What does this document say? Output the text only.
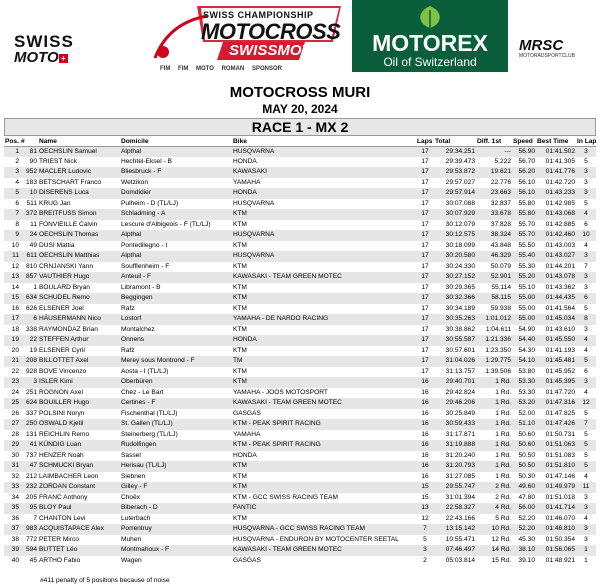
SWISS
MOTO +
SWISS CHAMPIONSHIP
MOTOCROSS
SWISSMOTO
FIM FIM MOTO ROMAN SPONSOR
MOTOREX
Oil of Switzerland
MRSC
MOTORADSPORTCLUB
MOTOCROSS MURI
MAY 20, 2024
RACE 1 - MX 2
Pos.	#	Name	Domicile	Bike	Laps	Total	Diff. 1st	Speed	Best Time	In Lap
1	81	OECHSLIN Samuel	Alpthal	HUSQVARNA	17	29:34.251	---	56.90	01:41.502	3
2	90	TRIEST Nick	Hechtel-Eksel - B	HONDA	17	29:39.473	5.222	56.70	01:41.305	5
3	952	MACLER Ludovic	Bliesbruck - F	KAWASAKI	17	29:53.872	19.621	56.20	01:41.776	3
4	183	BETSCHART Franco	Wetzikon	YAMAHA	17	29:57.027	22.776	56.10	01:42.720	3
5	10	DISERENS Luca	Domdidier	HONDA	17	29:57.914	23.663	56.10	01:43.233	3
6	511	KRUG Jan	Pulheim - D (TL/LJ)	HUSQVARNA	17	30:07.088	32.837	55.80	01:42.985	5
7	372	BREITFUSS Simon	Schladming - A	KTM	17	30:07.929	33.678	55.80	01:43.068	4
8	11	FONVIEILLE Calvin	Lescure d'Albigeois - F (TL/LJ)	KTM	17	30:12.079	37.828	55.70	01:42.885	6
9	24	OECHSLIN Thomas	Alpthal	HUSQVARNA	17	30:12.575	38.324	55.70	01:42.460	10
10	49	DUSI Mattia	Pontedilegno - I	KTM	17	30:18.099	43.848	55.50	01:43.003	4
11	611	OECHSLIN Matthias	Alpthal	HUSQVARNA	17	30:20.580	46.329	55.40	01:43.027	3
12	810	CRNJANSKI Yann	Soufflenheim - F	KTM	17	30:24.330	50.079	55.30	01:44.201	7
13	857	VAUTHIER Hugo	Anteuil - F	KAWASAKI - TEAM GREEN MOTEC	17	30:27.152	52.901	55.20	01:43.078	3
14	1	BOULARD Bryan	Libramont - B	KTM	17	30:29.365	55.114	55.10	01:43.362	3
15	634	SCHUDEL Remo	Beggingen	KTM	17	30:32.366	58.115	55.00	01:44.435	6
16	626	ELSENER Joel	Rafz	KTM	17	30:34.189	59.938	55.00	01:41.564	5
17	6	HÄUSERMANN Nico	Lostorf	YAMAHA - DE NARDO RACING	17	30:35.263	1:01.012	55.00	01:45.034	8
18	338	RAYMONDAZ Brian	Montalchez	KTM	17	30:38.862	1:04.611	54.90	01:43.610	3
19	22	STEFFEN Arthur	Onnens	HONDA	17	30:55.587	1:21.336	54.40	01:45.550	4
20	19	ELSENER Cyril	Rafz	KTM	17	30:57.601	1:23.350	54.30	01:41.193	4
21	208	BILLOTTET Axel	Merey sous Montrond - F	TM	17	31:04.026	1:29.775	54.10	01:45.481	5
22	928	BOVE Vincenzo	Aosta - I (TL/LJ)	KTM	17	31:13.757	1:39.506	53.80	01:45.952	6
23	3	ISLER Kimi	Oberbüren	KTM	16	29:40.701	1 Rd.	53.30	01:45.395	3
24	251	ROGNON Axel	Chez - Le Bart	YAMAHA - JOOS MOTOSPORT	16	29:42.824	1 Rd.	53.30	01:47.720	4
25	624	BOUILLER Hugo	Certines - F	KAWASAKI - TEAM GREEN MOTEC	16	29:46.206	1 Rd.	53.20	01:47.316	12
26	337	POLSINI Noryn	Fischenthal (TL/LJ)	GASGAS	16	30:25.849	1 Rd.	52.00	01:47.825	5
27	250	OSWALD Kjetil	St. Gallen (TL/LJ)	KTM - PEAK SPIRIT RACING	16	30:59.433	1 Rd.	51.10	01:47.426	7
28	131	REICHLIN Remo	Steinerberg (TL/LJ)	YAMAHA	16	31:17.871	1 Rd.	50.60	01:50.731	5
29	41	KÜNDIG Luan	Rudolfingen	KTM - PEAK SPIRIT RACING	16	31:19.888	1 Rd.	50.60	01:51.063	5
30	737	HENZER Noah	Sassel	HONDA	16	31:20.240	1 Rd.	50.50	01:51.083	5
31	47	SCHMUCKI Bryan	Herisau (TL/LJ)	KTM	16	31:20.793	1 Rd.	50.50	01:51.810	5
32	212	LAIMBACHER Leon	Siebnen	KTM	16	31:27.085	1 Rd.	50.30	01:47.146	4
33	232	ZORDAN Constant	Gilley - F	KTM	15	29:55.747	2 Rd.	49.60	01:49.979	11
34	205	FRANC Anthony	Choëx	KTM - GCC SWISS RACING TEAM	15	31:01.394	2 Rd.	47.80	01:51.018	3
35	95	BLOY Paul	Biberach - D	FANTIC	13	22:58.327	4 Rd.	56.00	01:41.714	3
36	7	CHANTON Levi	Luterbach	KTM	12	22:43.166	5 Rd.	52.20	01:46.070	4
37	983	ACQUISTAPACE Alex	Porrentruy	HUSQVARNA - GCC SWISS RACING TEAM	7	13:15.142	10 Rd.	52.20	01:46.810	3
38	772	PETER Mirco	Muhen	HUSQVARNA - ENDURON BY MOTOCENTER SEETAL	5	10:55.471	12 Rd.	45.30	01:50.354	3
39	594	BUTTET Léo	Montmahoux - F	KAWASAKI - TEAM GREEN MOTEC	3	07:46.497	14 Rd.	38.10	01:56.065	1
40	45	ARTHO Fabio	Wagen	GASGAS	2	05:03.814	15 Rd.	39.10	01:48.921	1
#411 penalty of 5 positions because of noise
